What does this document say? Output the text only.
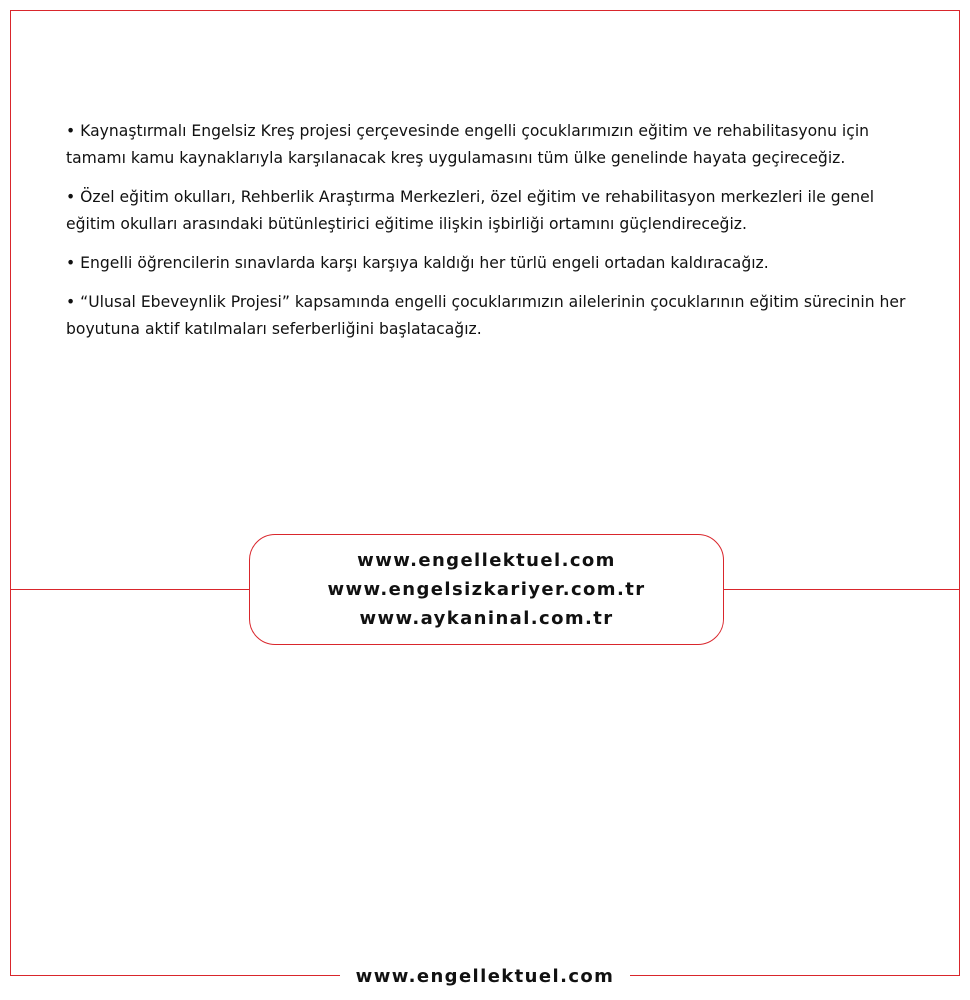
• Kaynaştırmalı Engelsiz Kreş projesi çerçevesinde engelli çocuklarımızın eğitim ve rehabilitasyonu için tamamı kamu kaynaklarıyla karşılanacak kreş uygulamasını tüm ülke genelinde hayata geçireceğiz.

• Özel eğitim okulları, Rehberlik Araştırma Merkezleri, özel eğitim ve rehabilitasyon merkezleri ile genel eğitim okulları arasındaki bütünleştirici eğitime ilişkin işbirliği ortamını güçlendireceğiz.

• Engelli öğrencilerin sınavlarda karşı karşıya kaldığı her türlü engeli ortadan kaldıracağız.

• “Ulusal Ebeveynlik Projesi” kapsamında engelli çocuklarımızın ailelerinin çocuklarının eğitim sürecinin her boyutuna aktif katılmaları seferberliğini başlatacağız.

www.engellektuel.com
www.engelsizkariyer.com.tr
www.aykaninal.com.tr
www.engellektuel.com
